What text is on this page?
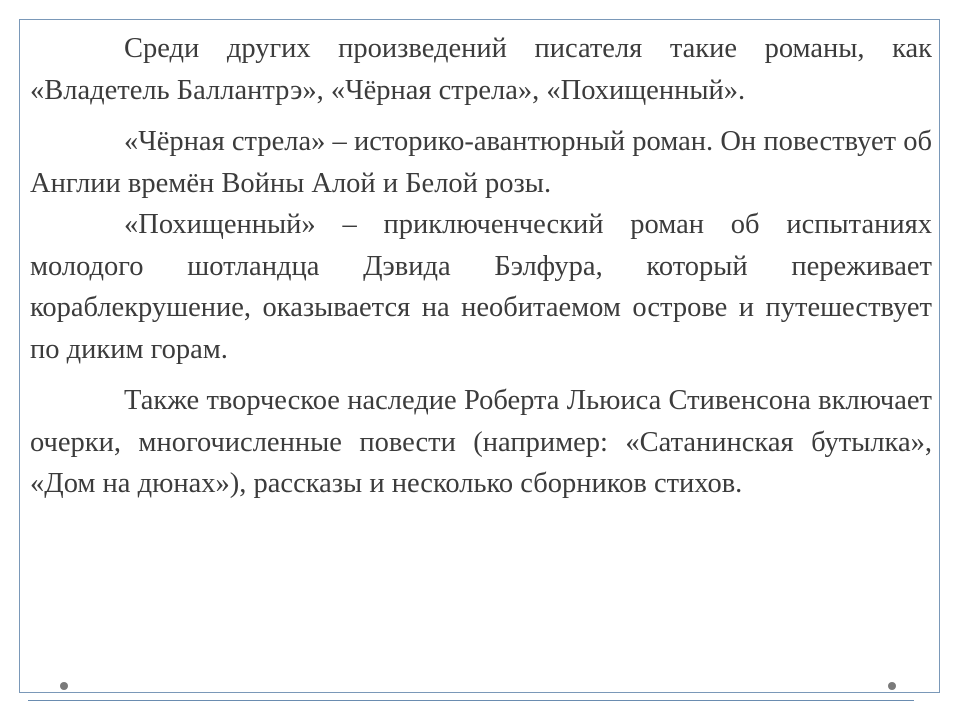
Среди других произведений писателя такие романы, как «Владетель Баллантрэ», «Чёрная стрела», «Похищенный».

«Чёрная стрела» – историко-авантюрный роман. Он повествует об Англии времён Войны Алой и Белой розы.

«Похищенный» – приключенческий роман об испытаниях молодого шотландца Дэвида Бэлфура, который переживает кораблекрушение, оказывается на необитаемом острове и путешествует по диким горам.

Также творческое наследие Роберта Льюиса Стивенсона включает очерки, многочисленные повести (например: «Сатанинская бутылка», «Дом на дюнах»), рассказы и несколько сборников стихов.
